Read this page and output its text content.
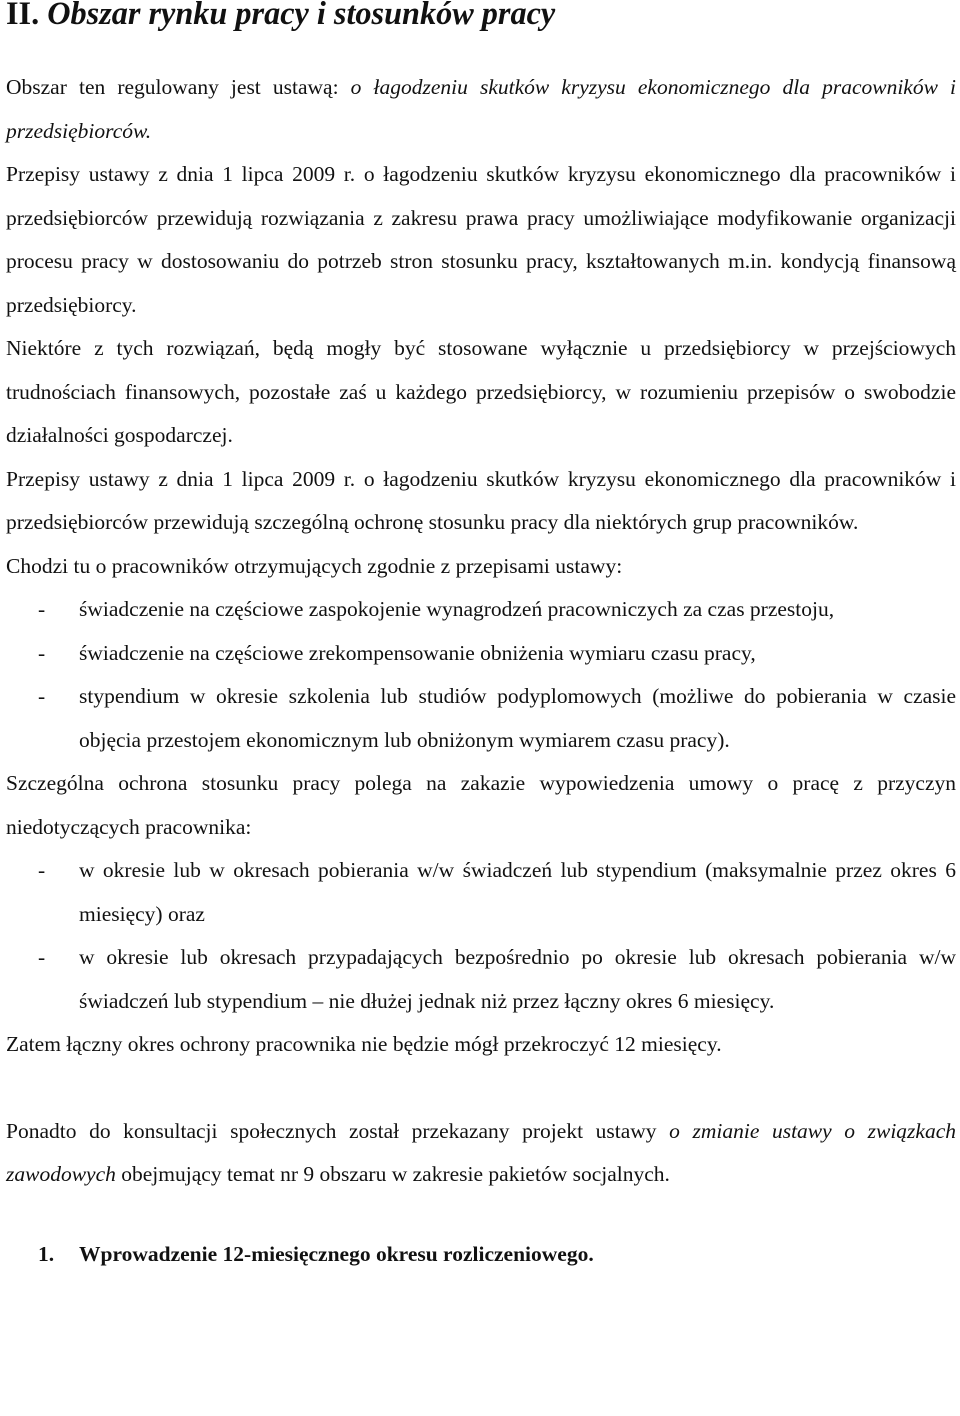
II. Obszar rynku pracy i stosunków pracy

Obszar ten regulowany jest ustawą: o łagodzeniu skutków kryzysu ekonomicznego dla pracowników i przedsiębiorców.

Przepisy ustawy z dnia 1 lipca 2009 r. o łagodzeniu skutków kryzysu ekonomicznego dla pracowników i przedsiębiorców przewidują rozwiązania z zakresu prawa pracy umożliwiające modyfikowanie organizacji procesu pracy w dostosowaniu do potrzeb stron stosunku pracy, kształtowanych m.in. kondycją finansową przedsiębiorcy.

Niektóre z tych rozwiązań, będą mogły być stosowane wyłącznie u przedsiębiorcy w przejściowych trudnościach finansowych, pozostałe zaś u każdego przedsiębiorcy, w rozumieniu przepisów o swobodzie działalności gospodarczej.

Przepisy ustawy z dnia 1 lipca 2009 r. o łagodzeniu skutków kryzysu ekonomicznego dla pracowników i przedsiębiorców przewidują szczególną ochronę stosunku pracy dla niektórych grup pracowników.

Chodzi tu o pracowników otrzymujących zgodnie z przepisami ustawy:

- świadczenie na częściowe zaspokojenie wynagrodzeń pracowniczych za czas przestoju,
- świadczenie na częściowe zrekompensowanie obniżenia wymiaru czasu pracy,
- stypendium w okresie szkolenia lub studiów podyplomowych (możliwe do pobierania w czasie objęcia przestojem ekonomicznym lub obniżonym wymiarem czasu pracy).

Szczególna ochrona stosunku pracy polega na zakazie wypowiedzenia umowy o pracę z przyczyn niedotyczących pracownika:

- w okresie lub w okresach pobierania w/w świadczeń lub stypendium (maksymalnie przez okres 6 miesięcy) oraz
- w okresie lub okresach przypadających bezpośrednio po okresie lub okresach pobierania w/w świadczeń lub stypendium – nie dłużej jednak niż przez łączny okres 6 miesięcy.

Zatem łączny okres ochrony pracownika nie będzie mógł przekroczyć 12 miesięcy.

Ponadto do konsultacji społecznych został przekazany projekt ustawy o zmianie ustawy o związkach zawodowych obejmujący temat nr 9 obszaru w zakresie pakietów socjalnych.

1. Wprowadzenie 12-miesięcznego okresu rozliczeniowego.
